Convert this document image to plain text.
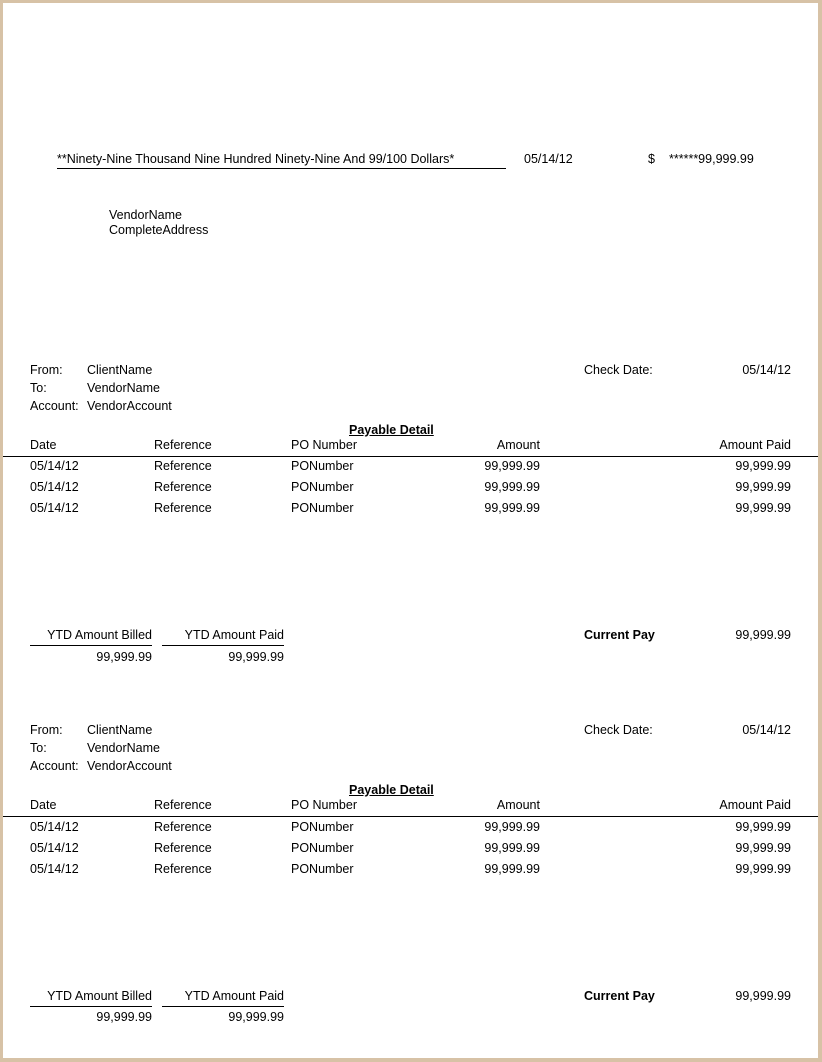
**Ninety-Nine Thousand Nine Hundred Ninety-Nine And 99/100 Dollars*	05/14/12	$ ******99,999.99
VendorName
CompleteAddress
From: ClientName
To:	VendorName
Account: VendorAccount
Check Date:	05/14/12
Payable Detail
Date	Reference	PO Number	Amount	Amount Paid
05/14/12	Reference	PONumber	99,999.99	99,999.99
05/14/12	Reference	PONumber	99,999.99	99,999.99
05/14/12	Reference	PONumber	99,999.99	99,999.99
YTD Amount Billed
99,999.99
YTD Amount Paid
99,999.99
Current Pay	99,999.99
From: ClientName
To:	VendorName
Account: VendorAccount
Check Date:	05/14/12
Payable Detail
Date	Reference	PO Number	Amount	Amount Paid
05/14/12	Reference	PONumber	99,999.99	99,999.99
05/14/12	Reference	PONumber	99,999.99	99,999.99
05/14/12	Reference	PONumber	99,999.99	99,999.99
YTD Amount Billed
99,999.99
YTD Amount Paid
99,999.99
Current Pay	99,999.99
